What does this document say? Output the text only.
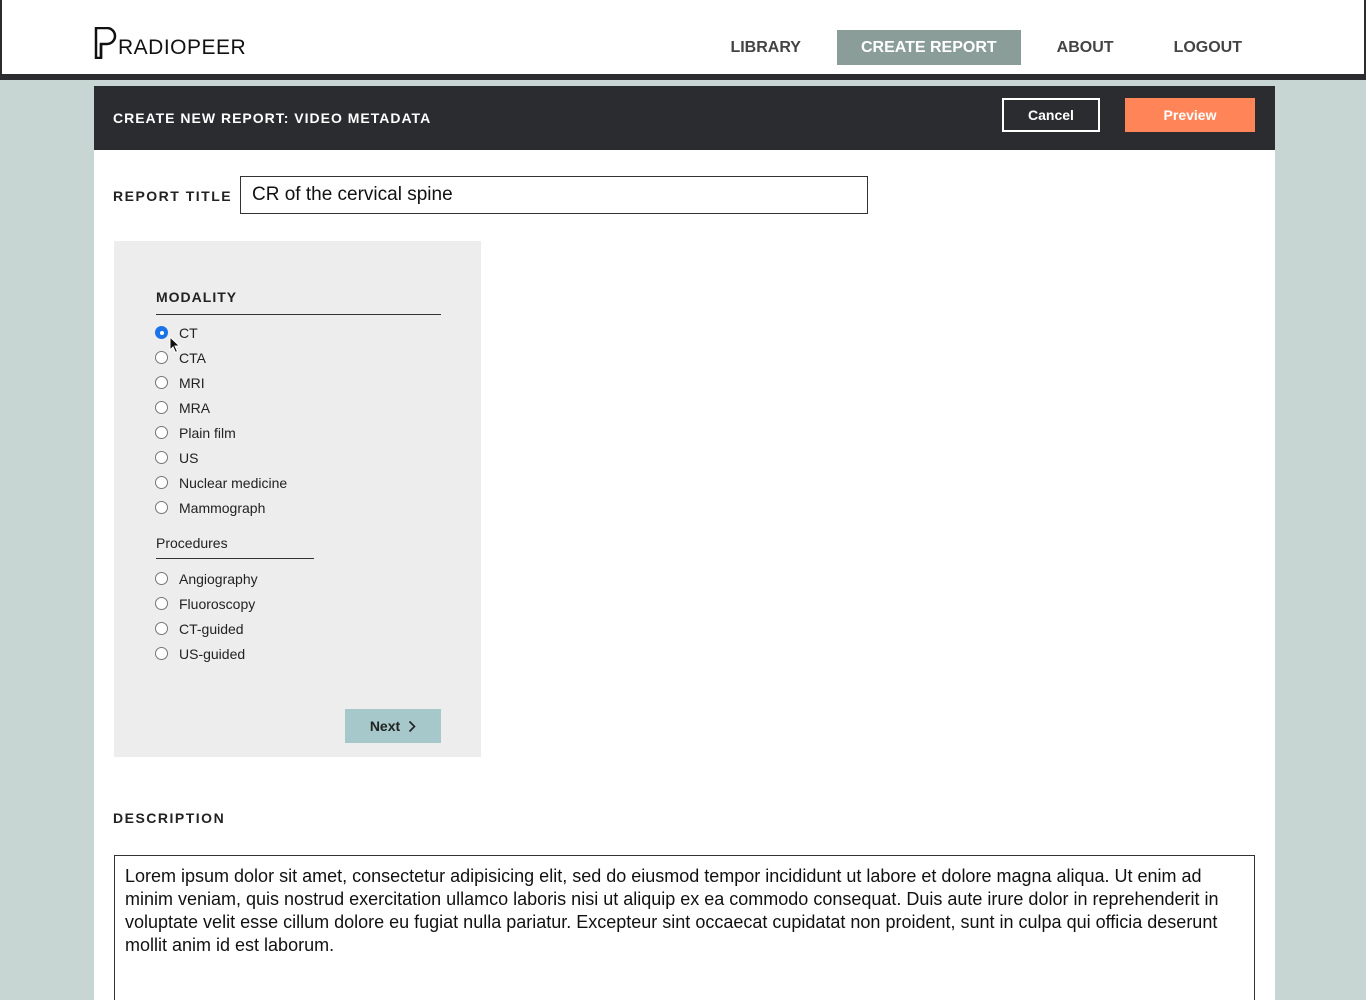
RADIOPEER	LIBRARY	CREATE REPORT	ABOUT	LOGOUT
CREATE NEW REPORT: VIDEO METADATA	Cancel	Preview
REPORT TITLE
CR of the cervical spine
MODALITY
CT
CTA
MRI
MRA
Plain film
US
Nuclear medicine
Mammograph
Procedures
Angiography
Fluoroscopy
CT-guided
US-guided
Next
DESCRIPTION
Lorem ipsum dolor sit amet, consectetur adipisicing elit, sed do eiusmod tempor incididunt ut labore et dolore magna aliqua. Ut enim ad minim veniam, quis nostrud exercitation ullamco laboris nisi ut aliquip ex ea commodo consequat. Duis aute irure dolor in reprehenderit in voluptate velit esse cillum dolore eu fugiat nulla pariatur. Excepteur sint occaecat cupidatat non proident, sunt in culpa qui officia deserunt mollit anim id est laborum.
